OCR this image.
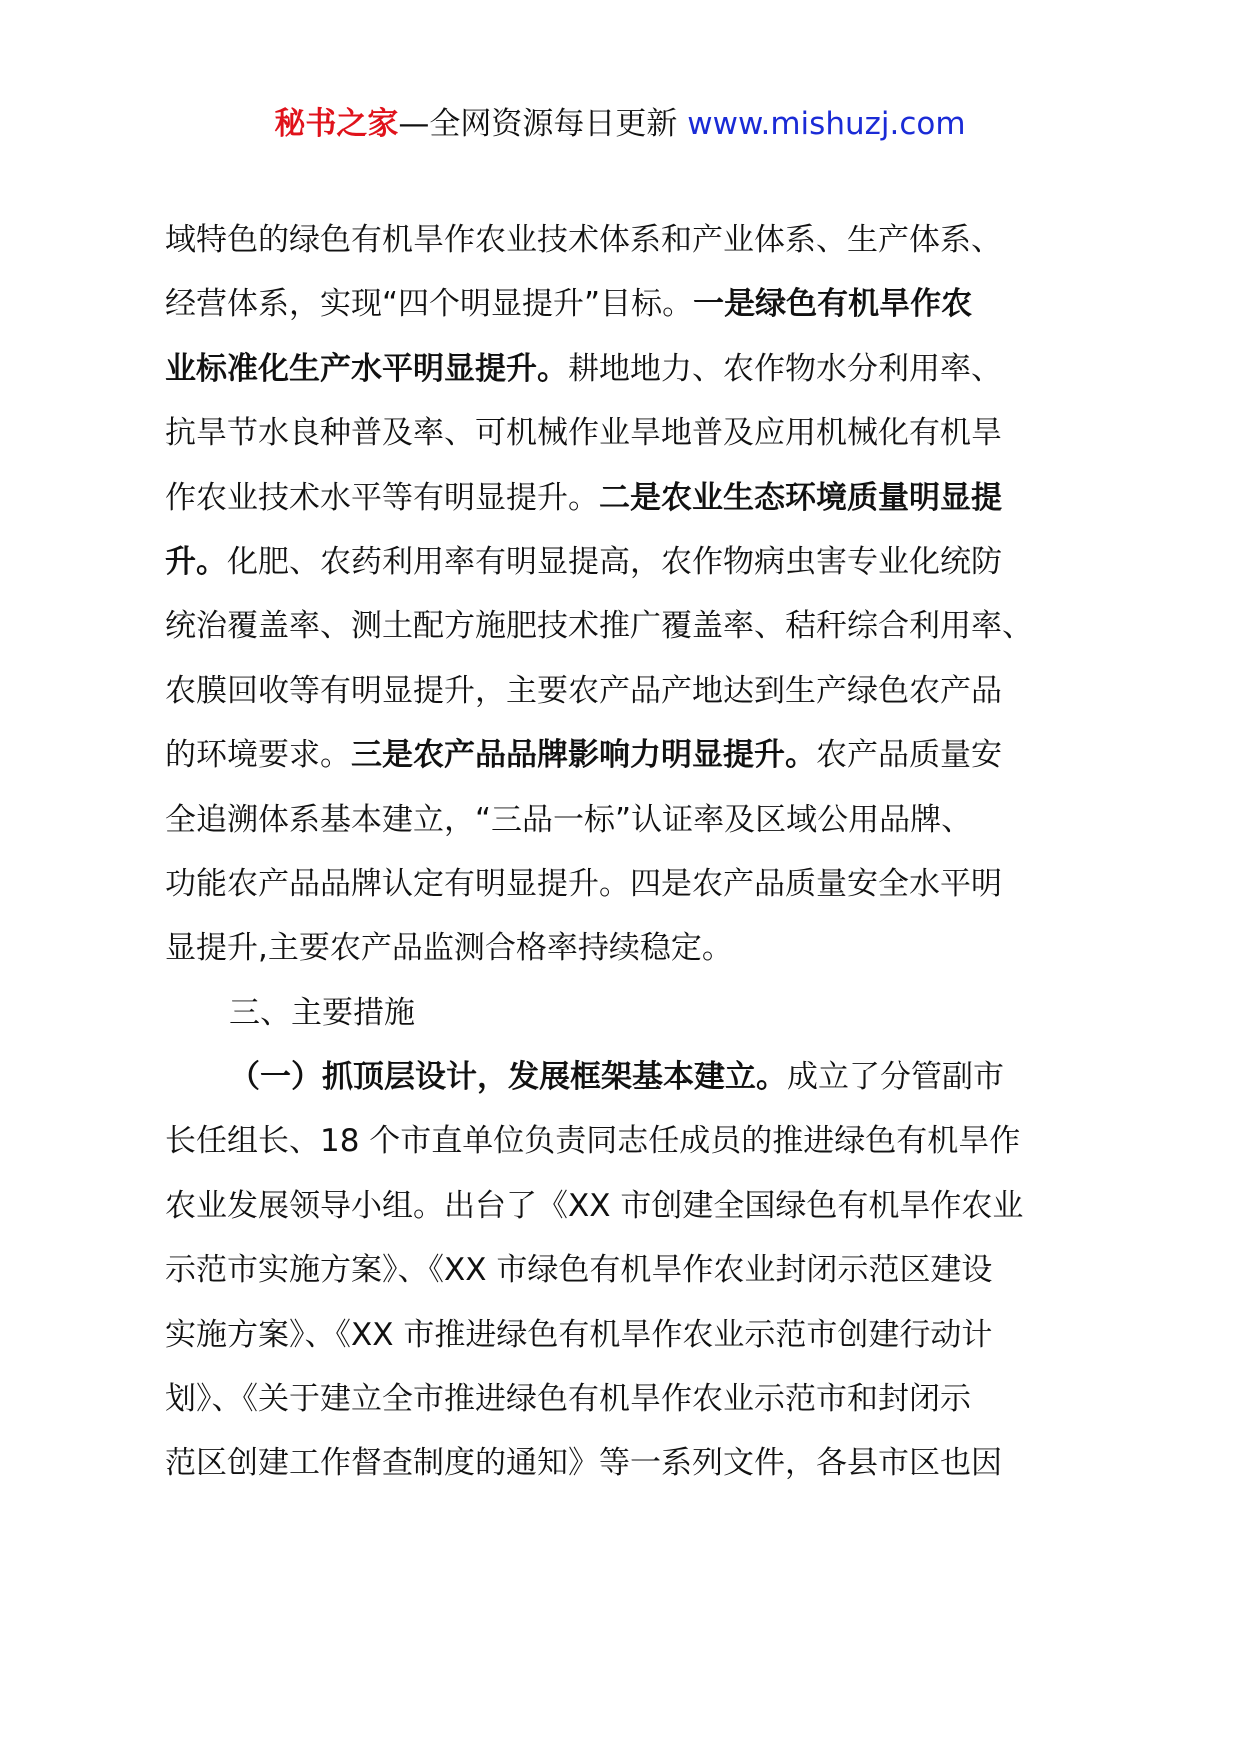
秘书之家—全网资源每日更新 www.mishuzj.com
域特色的绿色有机旱作农业技术体系和产业体系、生产体系、
经营体系，实现“四个明显提升”目标。一是绿色有机旱作农
业标准化生产水平明显提升。耕地地力、农作物水分利用率、
抗旱节水良种普及率、可机械作业旱地普及应用机械化有机旱
作农业技术水平等有明显提升。二是农业生态环境质量明显提
升。化肥、农药利用率有明显提高，农作物病虫害专业化统防
统治覆盖率、测土配方施肥技术推广覆盖率、秸秆综合利用率、
农膜回收等有明显提升，主要农产品产地达到生产绿色农产品
的环境要求。三是农产品品牌影响力明显提升。农产品质量安
全追溯体系基本建立，“三品一标”认证率及区域公用品牌、
功能农产品品牌认定有明显提升。四是农产品质量安全水平明
显提升,主要农产品监测合格率持续稳定。
三、主要措施
（一）抓顶层设计，发展框架基本建立。成立了分管副市
长任组长、18 个市直单位负责同志任成员的推进绿色有机旱作
农业发展领导小组。出台了《XX 市创建全国绿色有机旱作农业
示范市实施方案》、《XX 市绿色有机旱作农业封闭示范区建设
实施方案》、《XX 市推进绿色有机旱作农业示范市创建行动计
划》、《关于建立全市推进绿色有机旱作农业示范市和封闭示
范区创建工作督查制度的通知》等一系列文件，各县市区也因
